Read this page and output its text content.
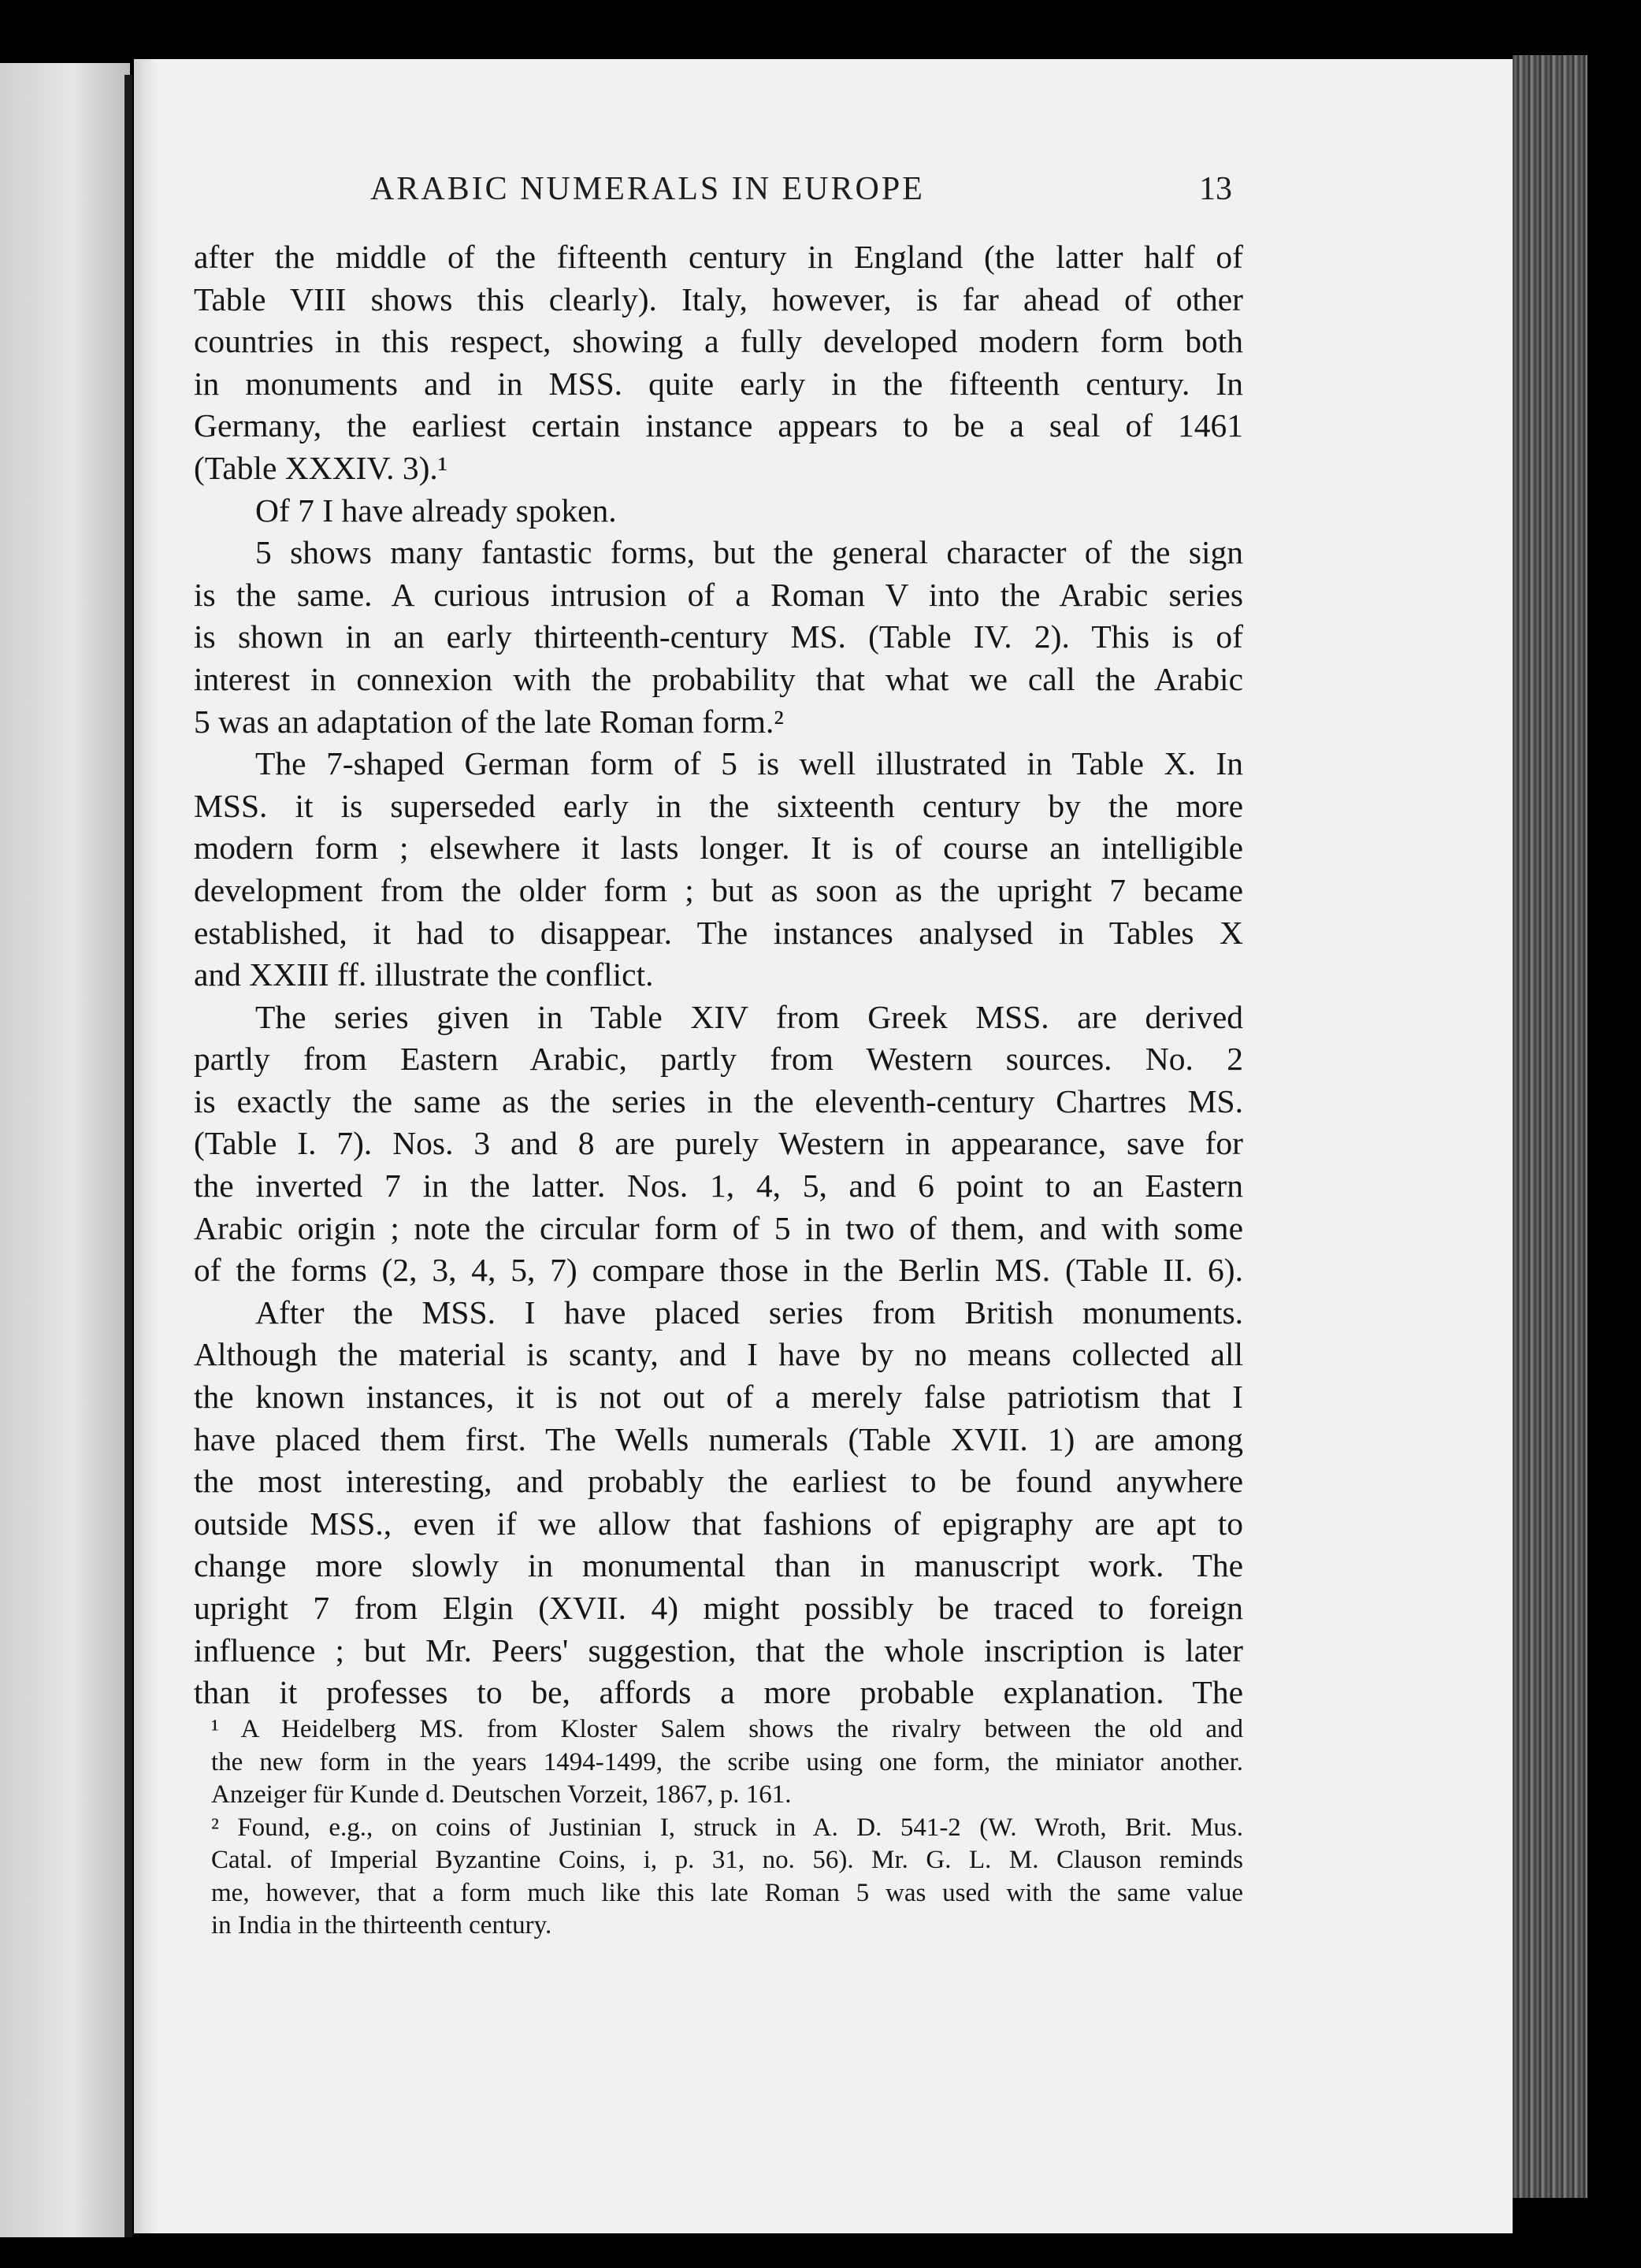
ARABIC NUMERALS IN EUROPE	13
after the middle of the fifteenth century in England (the latter half of
Table VIII shows this clearly). Italy, however, is far ahead of other
countries in this respect, showing a fully developed modern form both
in monuments and in MSS. quite early in the fifteenth century. In
Germany, the earliest certain instance appears to be a seal of 1461
(Table XXXIV. 3).¹
Of 7 I have already spoken.
5 shows many fantastic forms, but the general character of the sign
is the same. A curious intrusion of a Roman V into the Arabic series
is shown in an early thirteenth-century MS. (Table IV. 2). This is of
interest in connexion with the probability that what we call the Arabic
5 was an adaptation of the late Roman form.²
The 7-shaped German form of 5 is well illustrated in Table X. In
MSS. it is superseded early in the sixteenth century by the more
modern form ; elsewhere it lasts longer. It is of course an intelligible
development from the older form ; but as soon as the upright 7 became
established, it had to disappear. The instances analysed in Tables X
and XXIII ff. illustrate the conflict.
The series given in Table XIV from Greek MSS. are derived
partly from Eastern Arabic, partly from Western sources. No. 2
is exactly the same as the series in the eleventh-century Chartres MS.
(Table I. 7). Nos. 3 and 8 are purely Western in appearance, save for
the inverted 7 in the latter. Nos. 1, 4, 5, and 6 point to an Eastern
Arabic origin ; note the circular form of 5 in two of them, and with some
of the forms (2, 3, 4, 5, 7) compare those in the Berlin MS. (Table II. 6).
After the MSS. I have placed series from British monuments.
Although the material is scanty, and I have by no means collected all
the known instances, it is not out of a merely false patriotism that I
have placed them first. The Wells numerals (Table XVII. 1) are among
the most interesting, and probably the earliest to be found anywhere
outside MSS., even if we allow that fashions of epigraphy are apt to
change more slowly in monumental than in manuscript work. The
upright 7 from Elgin (XVII. 4) might possibly be traced to foreign
influence ; but Mr. Peers' suggestion, that the whole inscription is later
than it professes to be, affords a more probable explanation. The
¹ A Heidelberg MS. from Kloster Salem shows the rivalry between the old and
the new form in the years 1494-1499, the scribe using one form, the miniator another.
Anzeiger für Kunde d. Deutschen Vorzeit, 1867, p. 161.
² Found, e.g., on coins of Justinian I, struck in A. D. 541-2 (W. Wroth, Brit. Mus.
Catal. of Imperial Byzantine Coins, i, p. 31, no. 56). Mr. G. L. M. Clauson reminds
me, however, that a form much like this late Roman 5 was used with the same value
in India in the thirteenth century.
